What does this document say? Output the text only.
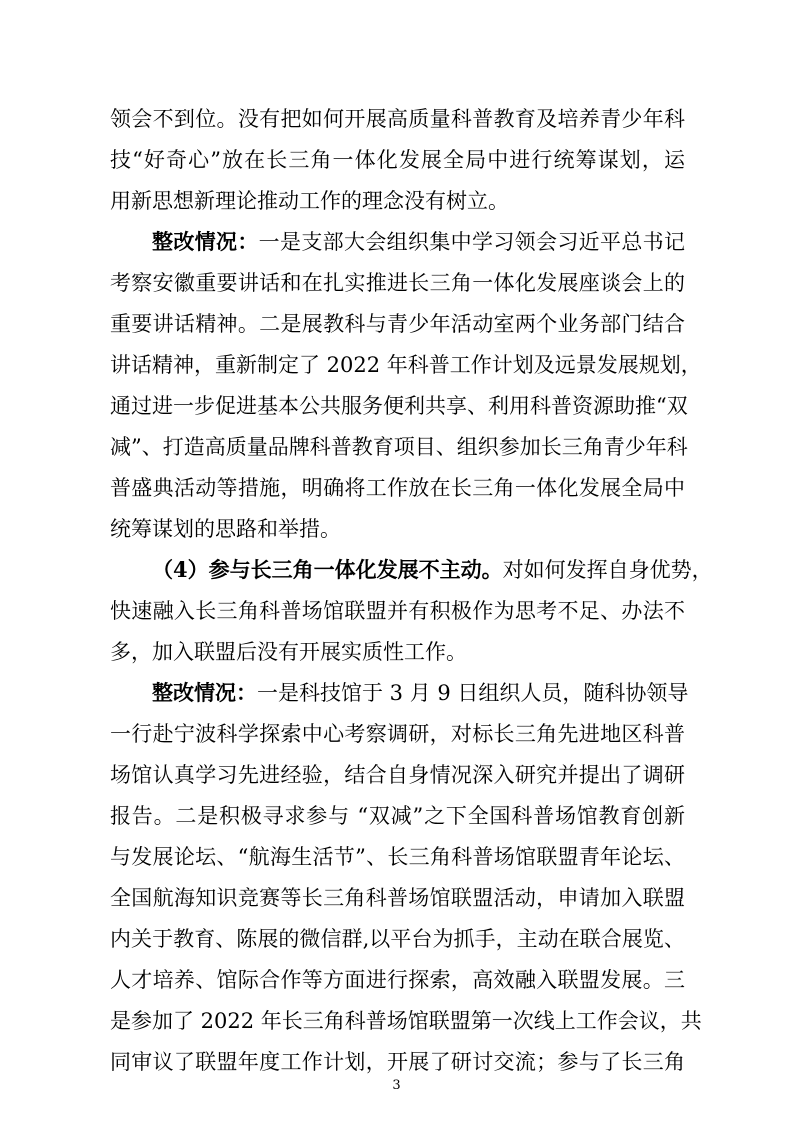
领会不到位。没有把如何开展高质量科普教育及培养青少年科
技“好奇心”放在长三角一体化发展全局中进行统筹谋划，运
用新思想新理论推动工作的理念没有树立。
整改情况：一是支部大会组织集中学习领会习近平总书记
考察安徽重要讲话和在扎实推进长三角一体化发展座谈会上的
重要讲话精神。二是展教科与青少年活动室两个业务部门结合
讲话精神，重新制定了 2022 年科普工作计划及远景发展规划，
通过进一步促进基本公共服务便利共享、利用科普资源助推“双
减”、打造高质量品牌科普教育项目、组织参加长三角青少年科
普盛典活动等措施，明确将工作放在长三角一体化发展全局中
统筹谋划的思路和举措。
（4）参与长三角一体化发展不主动。对如何发挥自身优势，
快速融入长三角科普场馆联盟并有积极作为思考不足、办法不
多，加入联盟后没有开展实质性工作。
整改情况：一是科技馆于 3 月 9 日组织人员，随科协领导
一行赴宁波科学探索中心考察调研，对标长三角先进地区科普
场馆认真学习先进经验，结合自身情况深入研究并提出了调研
报告。二是积极寻求参与 “双减”之下全国科普场馆教育创新
与发展论坛、“航海生活节”、长三角科普场馆联盟青年论坛、
全国航海知识竞赛等长三角科普场馆联盟活动，申请加入联盟
内关于教育、陈展的微信群,以平台为抓手，主动在联合展览、
人才培养、馆际合作等方面进行探索，高效融入联盟发展。三
是参加了 2022 年长三角科普场馆联盟第一次线上工作会议，共
同审议了联盟年度工作计划，开展了研讨交流；参与了长三角
3
